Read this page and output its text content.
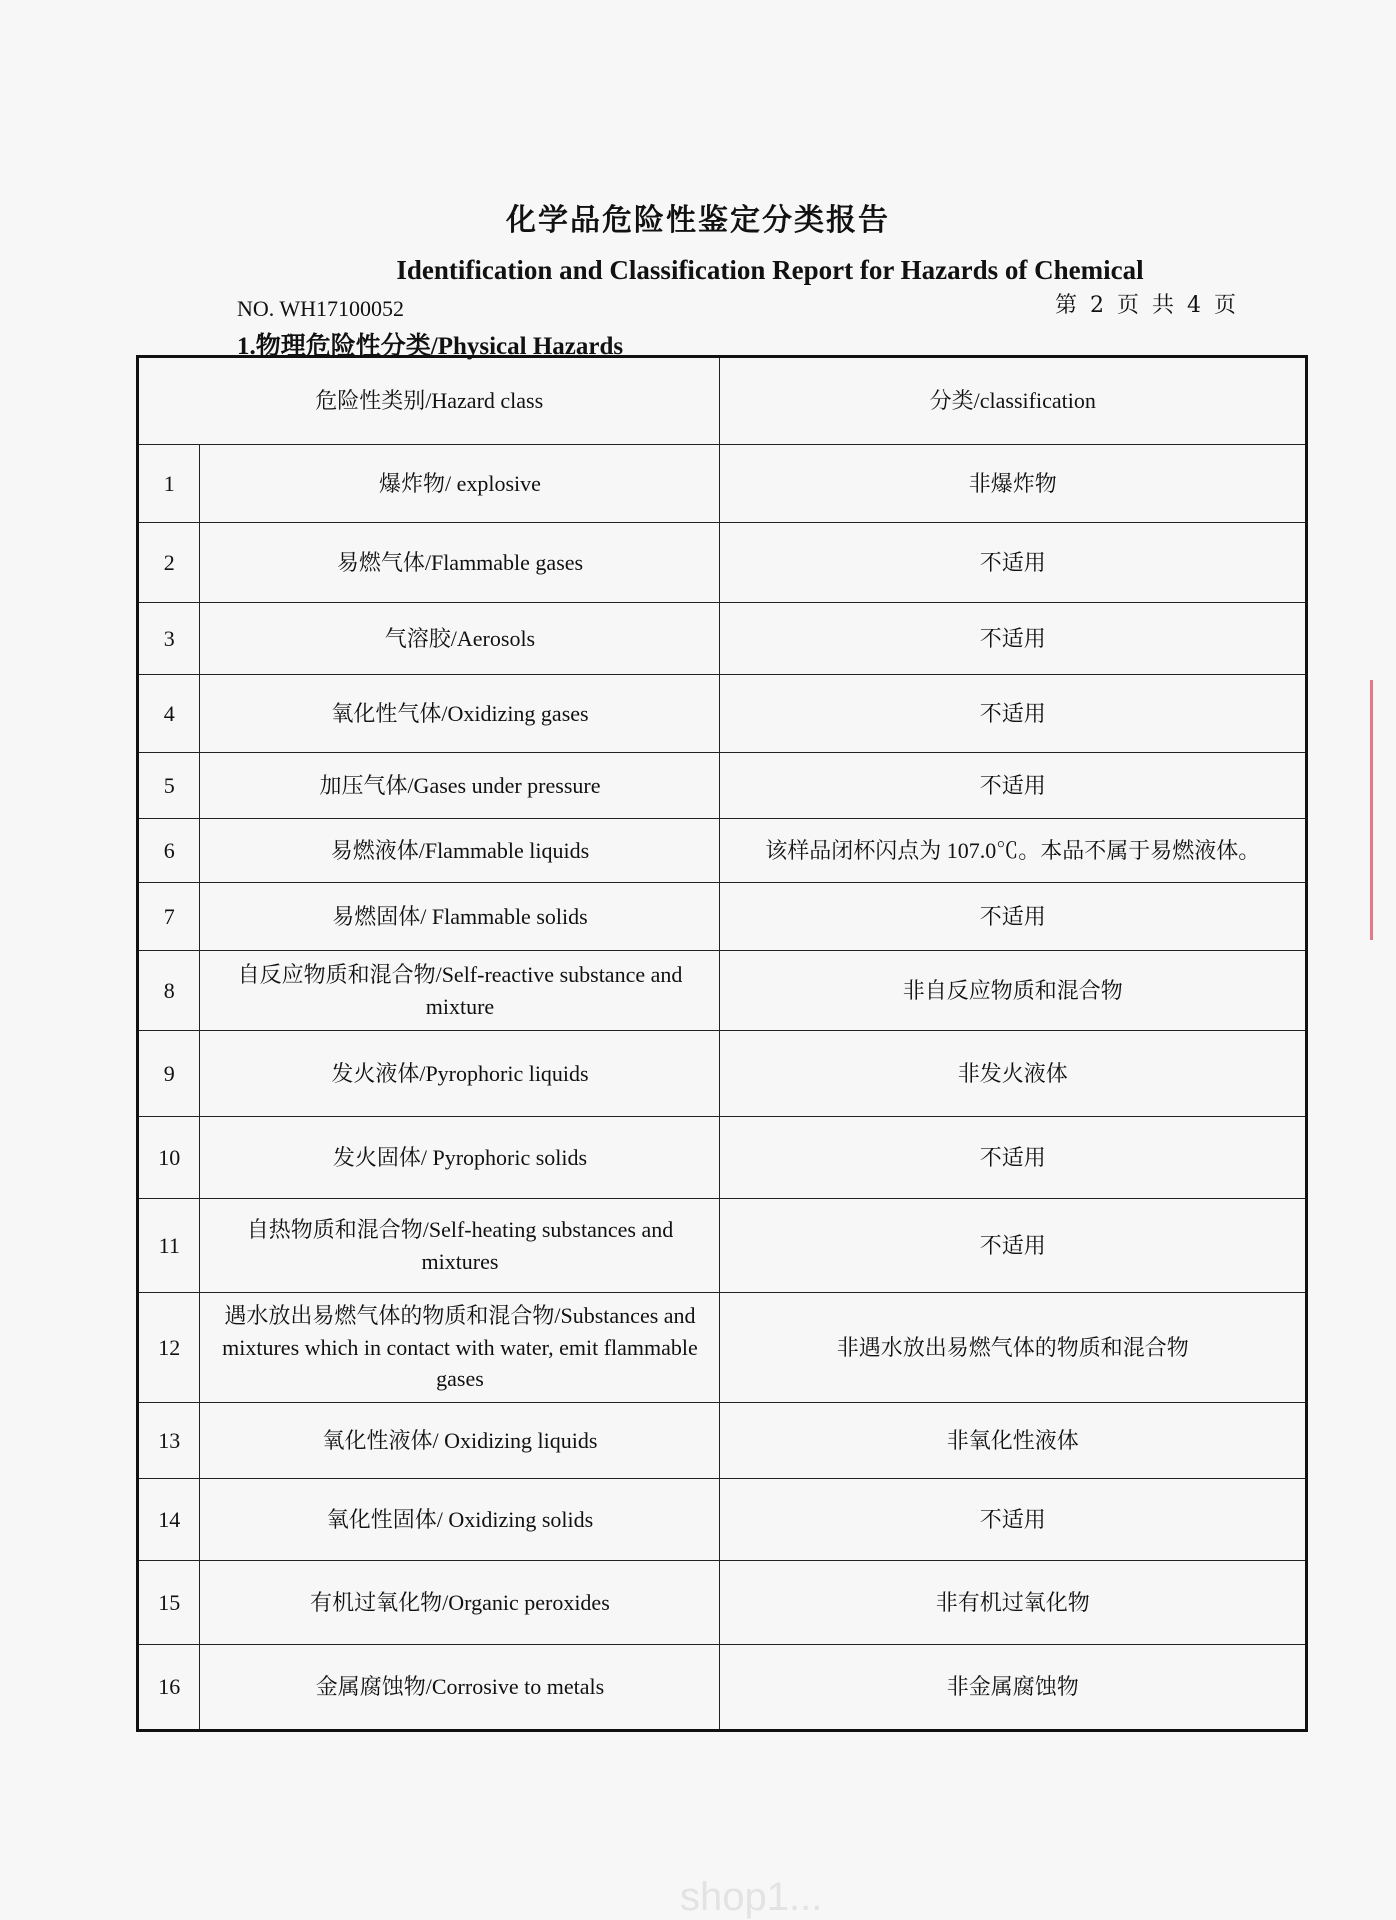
化学品危险性鉴定分类报告
Identification and Classification Report for Hazards of Chemical
NO. WH17100052	第 2 页 共 4 页
1.物理危险性分类/Physical Hazards
危险性类别/Hazard class		分类/classification
1	爆炸物/ explosive	非爆炸物
2	易燃气体/Flammable gases	不适用
3	气溶胶/Aerosols	不适用
4	氧化性气体/Oxidizing gases	不适用
5	加压气体/Gases under pressure	不适用
6	易燃液体/Flammable liquids	该样品闭杯闪点为 107.0℃。本品不属于易燃液体。
7	易燃固体/ Flammable solids	不适用
8	自反应物质和混合物/Self-reactive substance and mixture	非自反应物质和混合物
9	发火液体/Pyrophoric liquids	非发火液体
10	发火固体/ Pyrophoric solids	不适用
11	自热物质和混合物/Self-heating substances and mixtures	不适用
12	遇水放出易燃气体的物质和混合物/Substances and mixtures which in contact with water, emit flammable gases	非遇水放出易燃气体的物质和混合物
13	氧化性液体/ Oxidizing liquids	非氧化性液体
14	氧化性固体/ Oxidizing solids	不适用
15	有机过氧化物/Organic peroxides	非有机过氧化物
16	金属腐蚀物/Corrosive to metals	非金属腐蚀物
shop1...
